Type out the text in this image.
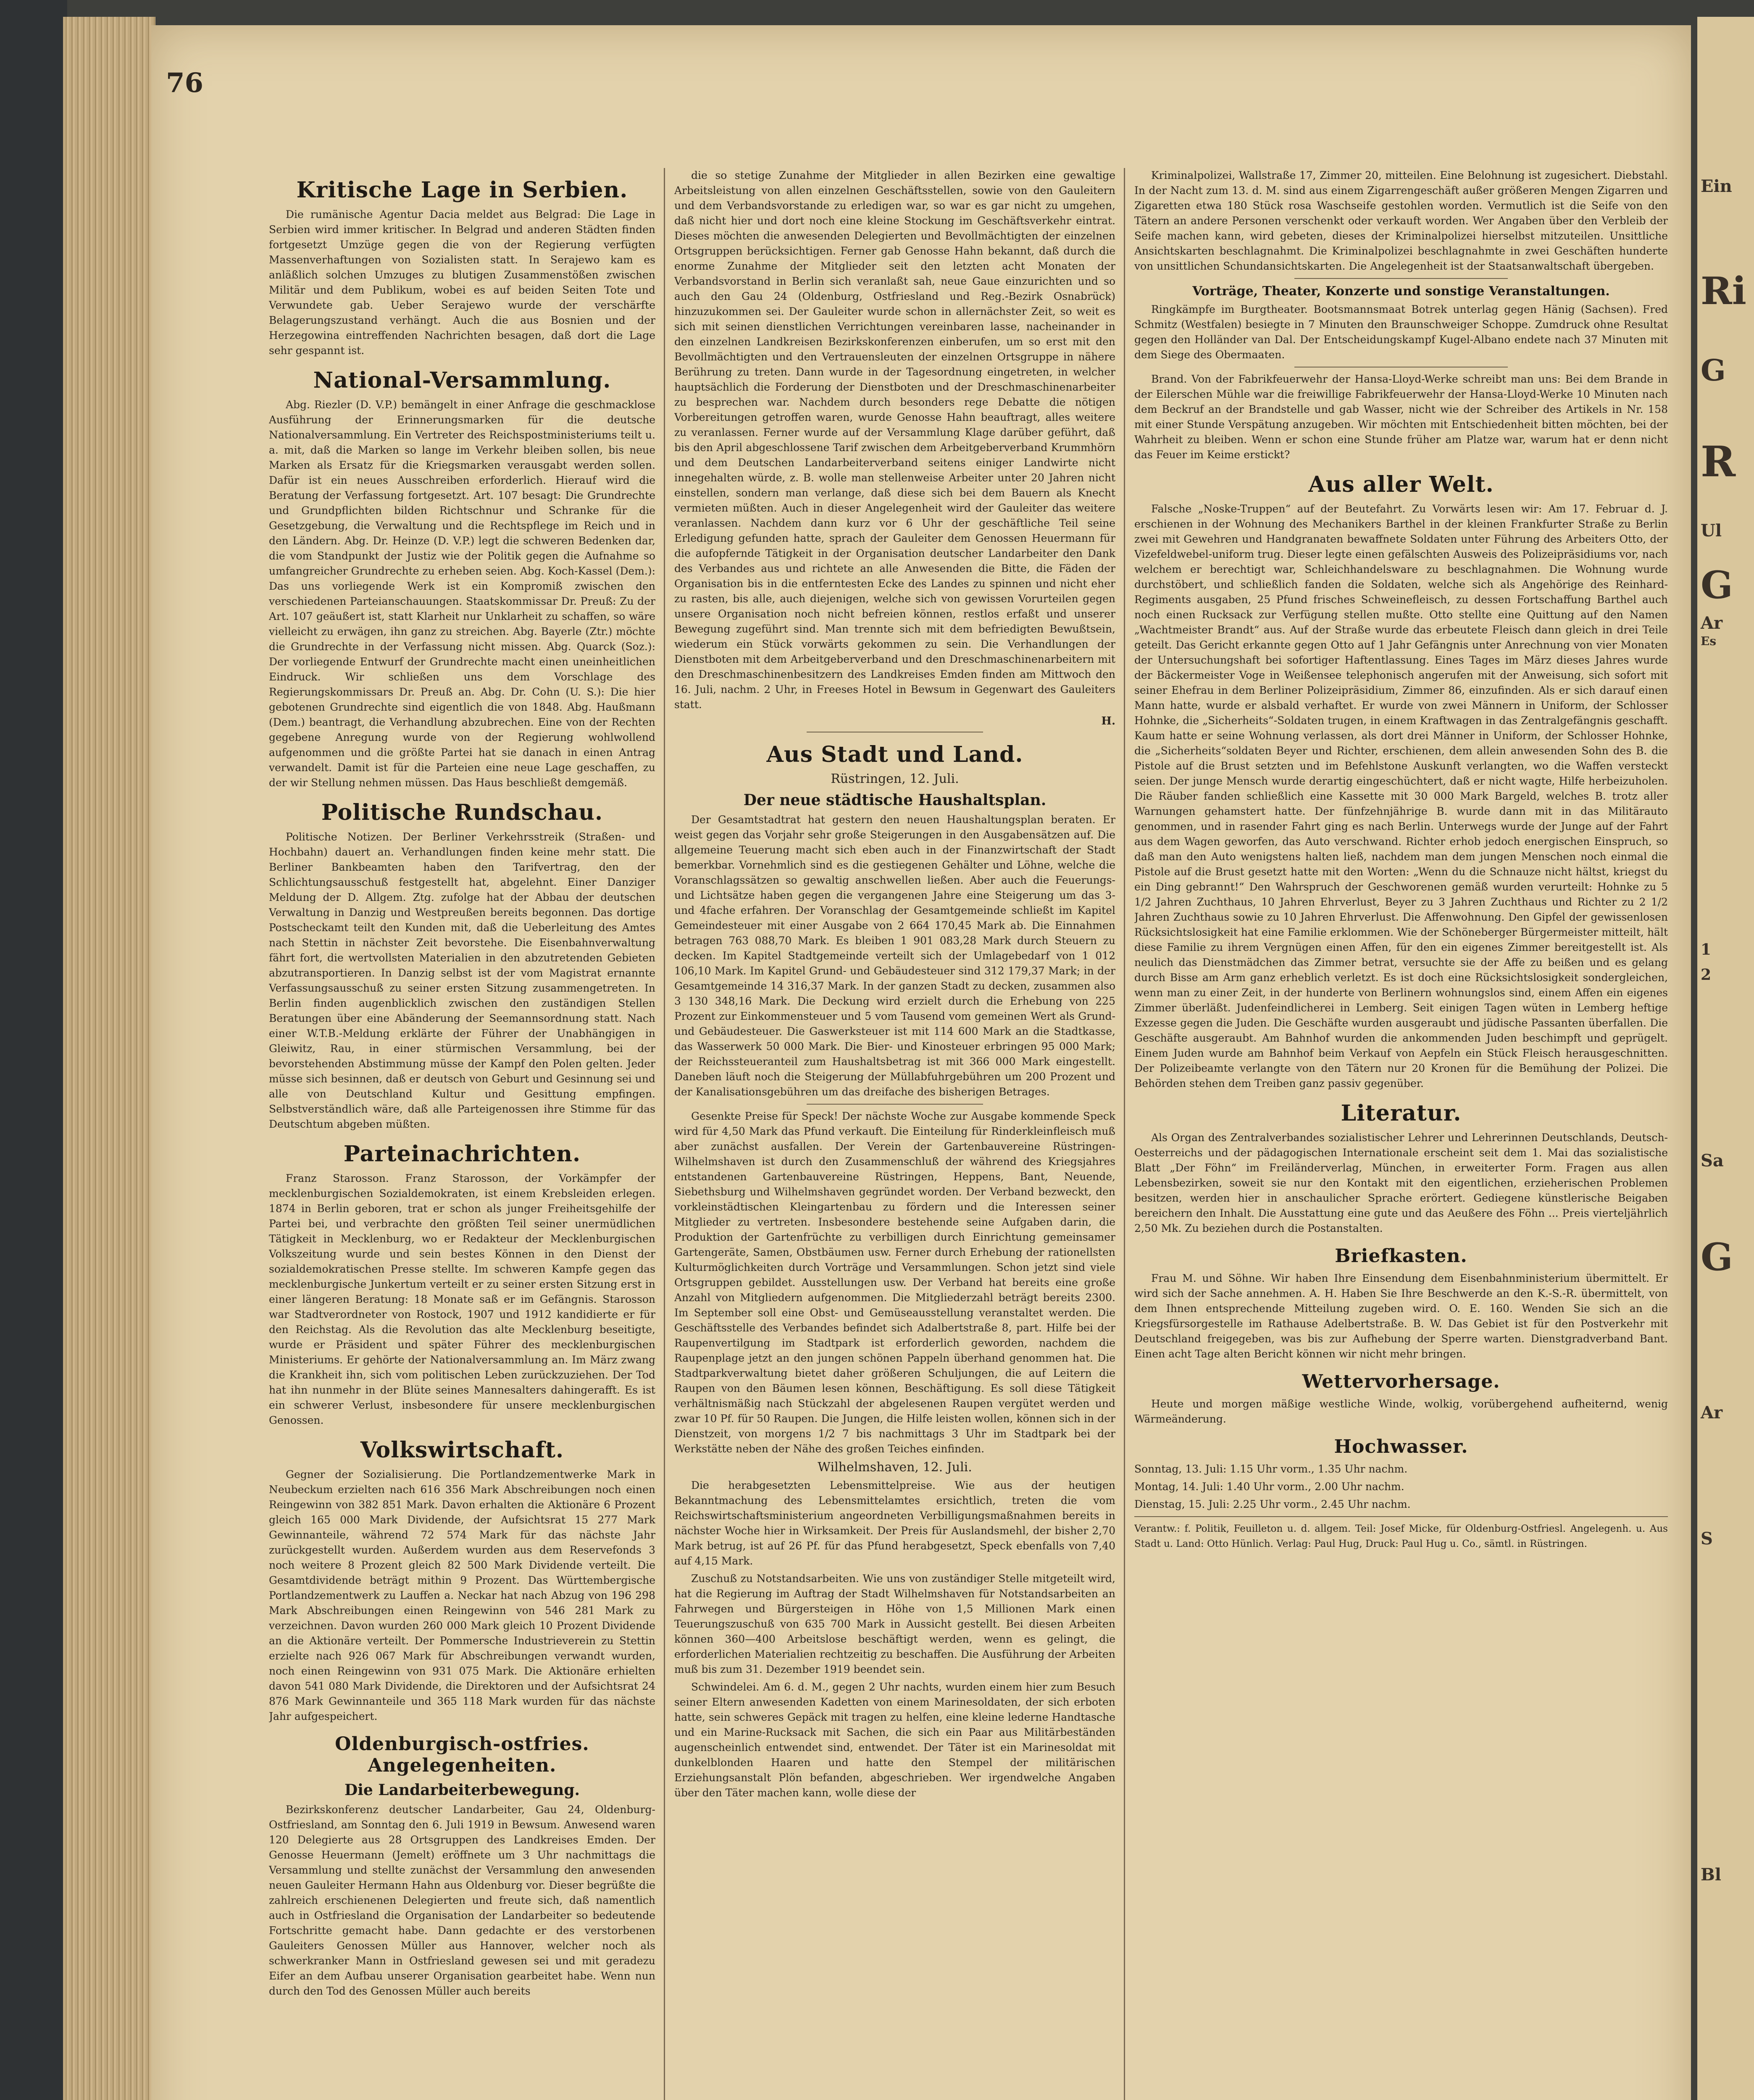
Ein
Ri
G
R
Ul
G
Ar
Es
1
2
Sa
G
Ar
S
Bl
76
Kritische Lage in Serbien.

Die rumänische Agentur Dacia meldet aus Belgrad: Die Lage in Serbien wird immer kritischer. In Belgrad und anderen Städten finden fortgesetzt Umzüge gegen die von der Regierung verfügten Massenverhaftungen von Sozialisten statt. In Serajewo kam es anläßlich solchen Umzuges zu blutigen Zusammenstößen zwischen Militär und dem Publikum, wobei es auf beiden Seiten Tote und Verwundete gab. Ueber Serajewo wurde der verschärfte Belagerungszustand verhängt. Auch die aus Bosnien und der Herzegowina eintreffenden Nachrichten besagen, daß dort die Lage sehr gespannt ist.

National-Versammlung.

Abg. Riezler (D. V.P.) bemängelt in einer Anfrage die geschmacklose Ausführung der Erinnerungsmarken für die deutsche Nationalversammlung. Ein Vertreter des Reichspostministeriums teilt u. a. mit, daß die Marken so lange im Verkehr bleiben sollen, bis neue Marken als Ersatz für die Kriegsmarken verausgabt werden sollen. Dafür ist ein neues Ausschreiben erforderlich. Hierauf wird die Beratung der Verfassung fortgesetzt. Art. 107 besagt: Die Grundrechte und Grundpflichten bilden Richtschnur und Schranke für die Gesetzgebung, die Verwaltung und die Rechtspflege im Reich und in den Ländern. Abg. Dr. Heinze (D. V.P.) legt die schweren Bedenken dar, die vom Standpunkt der Justiz wie der Politik gegen die Aufnahme so umfangreicher Grundrechte zu erheben seien. Abg. Koch-Kassel (Dem.): Das uns vorliegende Werk ist ein Kompromiß zwischen den verschiedenen Parteianschauungen. Staatskommissar Dr. Preuß: Zu der Art. 107 geäußert ist, statt Klarheit nur Unklarheit zu schaffen, so wäre vielleicht zu erwägen, ihn ganz zu streichen. Abg. Bayerle (Ztr.) möchte die Grundrechte in der Verfassung nicht missen. Abg. Quarck (Soz.): Der vorliegende Entwurf der Grundrechte macht einen uneinheitlichen Eindruck. Wir schließen uns dem Vorschlage des Regierungskommissars Dr. Preuß an. Abg. Dr. Cohn (U. S.): Die hier gebotenen Grundrechte sind eigentlich die von 1848. Abg. Haußmann (Dem.) beantragt, die Verhandlung abzubrechen. Eine von der Rechten gegebene Anregung wurde von der Regierung wohlwollend aufgenommen und die größte Partei hat sie danach in einen Antrag verwandelt. Damit ist für die Parteien eine neue Lage geschaffen, zu der wir Stellung nehmen müssen. Das Haus beschließt demgemäß.

Politische Rundschau.

Politische Notizen. Der Berliner Verkehrsstreik (Straßen- und Hochbahn) dauert an. Verhandlungen finden keine mehr statt. Die Berliner Bankbeamten haben den Tarifvertrag, den der Schlichtungsausschuß festgestellt hat, abgelehnt. Einer Danziger Meldung der D. Allgem. Ztg. zufolge hat der Abbau der deutschen Verwaltung in Danzig und Westpreußen bereits begonnen. Das dortige Postscheckamt teilt den Kunden mit, daß die Ueberleitung des Amtes nach Stettin in nächster Zeit bevorstehe. Die Eisenbahnverwaltung fährt fort, die wertvollsten Materialien in den abzutretenden Gebieten abzutransportieren. In Danzig selbst ist der vom Magistrat ernannte Verfassungsausschuß zu seiner ersten Sitzung zusammengetreten. In Berlin finden augenblicklich zwischen den zuständigen Stellen Beratungen über eine Abänderung der Seemannsordnung statt. Nach einer W.T.B.-Meldung erklärte der Führer der Unabhängigen in Gleiwitz, Rau, in einer stürmischen Versammlung, bei der bevorstehenden Abstimmung müsse der Kampf den Polen gelten. Jeder müsse sich besinnen, daß er deutsch von Geburt und Gesinnung sei und alle von Deutschland Kultur und Gesittung empfingen. Selbstverständlich wäre, daß alle Parteigenossen ihre Stimme für das Deutschtum abgeben müßten.

Parteinachrichten.

Franz Starosson. Franz Starosson, der Vorkämpfer der mecklenburgischen Sozialdemokraten, ist einem Krebsleiden erlegen. 1874 in Berlin geboren, trat er schon als junger Freiheitsgehilfe der Partei bei, und verbrachte den größten Teil seiner unermüdlichen Tätigkeit in Mecklenburg, wo er Redakteur der Mecklenburgischen Volkszeitung wurde und sein bestes Können in den Dienst der sozialdemokratischen Presse stellte. Im schweren Kampfe gegen das mecklenburgische Junkertum verteilt er zu seiner ersten Sitzung erst in einer längeren Beratung: 18 Monate saß er im Gefängnis. Starosson war Stadtverordneter von Rostock, 1907 und 1912 kandidierte er für den Reichstag. Als die Revolution das alte Mecklenburg beseitigte, wurde er Präsident und später Führer des mecklenburgischen Ministeriums. Er gehörte der Nationalversammlung an. Im März zwang die Krankheit ihn, sich vom politischen Leben zurückzuziehen. Der Tod hat ihn nunmehr in der Blüte seines Mannesalters dahingerafft. Es ist ein schwerer Verlust, insbesondere für unsere mecklenburgischen Genossen.

Volkswirtschaft.

Gegner der Sozialisierung. Die Portlandzementwerke Mark in Neubeckum erzielten nach 616 356 Mark Abschreibungen noch einen Reingewinn von 382 851 Mark. Davon erhalten die Aktionäre 6 Prozent gleich 165 000 Mark Dividende, der Aufsichtsrat 15 277 Mark Gewinnanteile, während 72 574 Mark für das nächste Jahr zurückgestellt wurden. Außerdem wurden aus dem Reservefonds 3 noch weitere 8 Prozent gleich 82 500 Mark Dividende verteilt. Die Gesamtdividende beträgt mithin 9 Prozent. Das Württembergische Portlandzementwerk zu Lauffen a. Neckar hat nach Abzug von 196 298 Mark Abschreibungen einen Reingewinn von 546 281 Mark zu verzeichnen. Davon wurden 260 000 Mark gleich 10 Prozent Dividende an die Aktionäre verteilt. Der Pommersche Industrieverein zu Stettin erzielte nach 926 067 Mark für Abschreibungen verwandt wurden, noch einen Reingewinn von 931 075 Mark. Die Aktionäre erhielten davon 541 080 Mark Dividende, die Direktoren und der Aufsichtsrat 24 876 Mark Gewinnanteile und 365 118 Mark wurden für das nächste Jahr aufgespeichert.

Oldenburgisch-ostfries. Angelegenheiten.
Die Landarbeiterbewegung.

Bezirkskonferenz deutscher Landarbeiter, Gau 24, Oldenburg-Ostfriesland, am Sonntag den 6. Juli 1919 in Bewsum. Anwesend waren 120 Delegierte aus 28 Ortsgruppen des Landkreises Emden. Der Genosse Heuermann (Jemelt) eröffnete um 3 Uhr nachmittags die Versammlung und stellte zunächst der Versammlung den anwesenden neuen Gauleiter Hermann Hahn aus Oldenburg vor. Dieser begrüßte die zahlreich erschienenen Delegierten und freute sich, daß namentlich auch in Ostfriesland die Organisation der Landarbeiter so bedeutende Fortschritte gemacht habe. Dann gedachte er des verstorbenen Gauleiters Genossen Müller aus Hannover, welcher noch als schwerkranker Mann in Ostfriesland gewesen sei und mit geradezu Eifer an dem Aufbau unserer Organisation gearbeitet habe. Wenn nun durch den Tod des Genossen Müller auch bereits

die so stetige Zunahme der Mitglieder in allen Bezirken eine gewaltige Arbeitsleistung von allen einzelnen Geschäftsstellen, sowie von den Gauleitern und dem Verbandsvorstande zu erledigen war, so war es gar nicht zu umgehen, daß nicht hier und dort noch eine kleine Stockung im Geschäftsverkehr eintrat. Dieses möchten die anwesenden Delegierten und Bevollmächtigten der einzelnen Ortsgruppen berücksichtigen. Ferner gab Genosse Hahn bekannt, daß durch die enorme Zunahme der Mitglieder seit den letzten acht Monaten der Verbandsvorstand in Berlin sich veranlaßt sah, neue Gaue einzurichten und so auch den Gau 24 (Oldenburg, Ostfriesland und Reg.-Bezirk Osnabrück) hinzuzukommen sei. Der Gauleiter wurde schon in allernächster Zeit, so weit es sich mit seinen dienstlichen Verrichtungen vereinbaren lasse, nacheinander in den einzelnen Landkreisen Bezirkskonferenzen einberufen, um so erst mit den Bevollmächtigten und den Vertrauensleuten der einzelnen Ortsgruppe in nähere Berührung zu treten. Dann wurde in der Tagesordnung eingetreten, in welcher hauptsächlich die Forderung der Dienstboten und der Dreschmaschinenarbeiter zu besprechen war. Nachdem durch besonders rege Debatte die nötigen Vorbereitungen getroffen waren, wurde Genosse Hahn beauftragt, alles weitere zu veranlassen. Ferner wurde auf der Versammlung Klage darüber geführt, daß bis den April abgeschlossene Tarif zwischen dem Arbeitgeberverband Krummhörn und dem Deutschen Landarbeiterverband seitens einiger Landwirte nicht innegehalten würde, z. B. wolle man stellenweise Arbeiter unter 20 Jahren nicht einstellen, sondern man verlange, daß diese sich bei dem Bauern als Knecht vermieten müßten. Auch in dieser Angelegenheit wird der Gauleiter das weitere veranlassen. Nachdem dann kurz vor 6 Uhr der geschäftliche Teil seine Erledigung gefunden hatte, sprach der Gauleiter dem Genossen Heuermann für die aufopfernde Tätigkeit in der Organisation deutscher Landarbeiter den Dank des Verbandes aus und richtete an alle Anwesenden die Bitte, die Fäden der Organisation bis in die entferntesten Ecke des Landes zu spinnen und nicht eher zu rasten, bis alle, auch diejenigen, welche sich von gewissen Vorurteilen gegen unsere Organisation noch nicht befreien können, restlos erfaßt und unserer Bewegung zugeführt sind. Man trennte sich mit dem befriedigten Bewußtsein, wiederum ein Stück vorwärts gekommen zu sein. Die Verhandlungen der Dienstboten mit dem Arbeitgeberverband und den Dreschmaschinenarbeitern mit den Dreschmaschinenbesitzern des Landkreises Emden finden am Mittwoch den 16. Juli, nachm. 2 Uhr, in Freeses Hotel in Bewsum in Gegenwart des Gauleiters statt.

H.
Aus Stadt und Land.
Rüstringen, 12. Juli.
Der neue städtische Haushaltsplan.

Der Gesamtstadtrat hat gestern den neuen Haushaltungsplan beraten. Er weist gegen das Vorjahr sehr große Steigerungen in den Ausgabensätzen auf. Die allgemeine Teuerung macht sich eben auch in der Finanzwirtschaft der Stadt bemerkbar. Vornehmlich sind es die gestiegenen Gehälter und Löhne, welche die Voranschlagssätzen so gewaltig anschwellen ließen. Aber auch die Feuerungs- und Lichtsätze haben gegen die vergangenen Jahre eine Steigerung um das 3- und 4fache erfahren. Der Voranschlag der Gesamtgemeinde schließt im Kapitel Gemeindesteuer mit einer Ausgabe von 2 664 170,45 Mark ab. Die Einnahmen betragen 763 088,70 Mark. Es bleiben 1 901 083,28 Mark durch Steuern zu decken. Im Kapitel Stadtgemeinde verteilt sich der Umlagebedarf von 1 012 106,10 Mark. Im Kapitel Grund- und Gebäudesteuer sind 312 179,37 Mark; in der Gesamtgemeinde 14 316,37 Mark. In der ganzen Stadt zu decken, zusammen also 3 130 348,16 Mark. Die Deckung wird erzielt durch die Erhebung von 225 Prozent zur Einkommensteuer und 5 vom Tausend vom gemeinen Wert als Grund- und Gebäudesteuer. Die Gaswerksteuer ist mit 114 600 Mark an die Stadtkasse, das Wasserwerk 50 000 Mark. Die Bier- und Kinosteuer erbringen 95 000 Mark; der Reichssteueranteil zum Haushaltsbetrag ist mit 366 000 Mark eingestellt. Daneben läuft noch die Steigerung der Müllabfuhrgebühren um 200 Prozent und der Kanalisationsgebühren um das dreifache des bisherigen Betrages.

Gesenkte Preise für Speck! Der nächste Woche zur Ausgabe kommende Speck wird für 4,50 Mark das Pfund verkauft. Die Einteilung für Rinderkleinfleisch muß aber zunächst ausfallen. Der Verein der Gartenbauvereine Rüstringen-Wilhelmshaven ist durch den Zusammenschluß der während des Kriegsjahres entstandenen Gartenbauvereine Rüstringen, Heppens, Bant, Neuende, Siebethsburg und Wilhelmshaven gegründet worden. Der Verband bezweckt, den vorkleinstädtischen Kleingartenbau zu fördern und die Interessen seiner Mitglieder zu vertreten. Insbesondere bestehende seine Aufgaben darin, die Produktion der Gartenfrüchte zu verbilligen durch Einrichtung gemeinsamer Gartengeräte, Samen, Obstbäumen usw. Ferner durch Erhebung der rationellsten Kulturmöglichkeiten durch Vorträge und Versammlungen. Schon jetzt sind viele Ortsgruppen gebildet. Ausstellungen usw. Der Verband hat bereits eine große Anzahl von Mitgliedern aufgenommen. Die Mitgliederzahl beträgt bereits 2300. Im September soll eine Obst- und Gemüseausstellung veranstaltet werden. Die Geschäftsstelle des Verbandes befindet sich Adalbertstraße 8, part. Hilfe bei der Raupenvertilgung im Stadtpark ist erforderlich geworden, nachdem die Raupenplage jetzt an den jungen schönen Pappeln überhand genommen hat. Die Stadtparkverwaltung bietet daher größeren Schuljungen, die auf Leitern die Raupen von den Bäumen lesen können, Beschäftigung. Es soll diese Tätigkeit verhältnismäßig nach Stückzahl der abgelesenen Raupen vergütet werden und zwar 10 Pf. für 50 Raupen. Die Jungen, die Hilfe leisten wollen, können sich in der Dienstzeit, von morgens 1/2 7 bis nachmittags 3 Uhr im Stadtpark bei der Werkstätte neben der Nähe des großen Teiches einfinden.

Wilhelmshaven, 12. Juli.

Die herabgesetzten Lebensmittelpreise. Wie aus der heutigen Bekanntmachung des Lebensmittelamtes ersichtlich, treten die vom Reichswirtschaftsministerium angeordneten Verbilligungsmaßnahmen bereits in nächster Woche hier in Wirksamkeit. Der Preis für Auslandsmehl, der bisher 2,70 Mark betrug, ist auf 26 Pf. für das Pfund herabgesetzt, Speck ebenfalls von 7,40 auf 4,15 Mark.

Zuschuß zu Notstandsarbeiten. Wie uns von zuständiger Stelle mitgeteilt wird, hat die Regierung im Auftrag der Stadt Wilhelmshaven für Notstandsarbeiten an Fahrwegen und Bürgersteigen in Höhe von 1,5 Millionen Mark einen Teuerungszuschuß von 635 700 Mark in Aussicht gestellt. Bei diesen Arbeiten können 360—400 Arbeitslose beschäftigt werden, wenn es gelingt, die erforderlichen Materialien rechtzeitig zu beschaffen. Die Ausführung der Arbeiten muß bis zum 31. Dezember 1919 beendet sein.

Schwindelei. Am 6. d. M., gegen 2 Uhr nachts, wurden einem hier zum Besuch seiner Eltern anwesenden Kadetten von einem Marinesoldaten, der sich erboten hatte, sein schweres Gepäck mit tragen zu helfen, eine kleine lederne Handtasche und ein Marine-Rucksack mit Sachen, die sich ein Paar aus Militärbeständen augenscheinlich entwendet sind, entwendet. Der Täter ist ein Marinesoldat mit dunkelblonden Haaren und hatte den Stempel der militärischen Erziehungsanstalt Plön befanden, abgeschrieben. Wer irgendwelche Angaben über den Täter machen kann, wolle diese der

Kriminalpolizei, Wallstraße 17, Zimmer 20, mitteilen. Eine Belohnung ist zugesichert. Diebstahl. In der Nacht zum 13. d. M. sind aus einem Zigarrengeschäft außer größeren Mengen Zigarren und Zigaretten etwa 180 Stück rosa Waschseife gestohlen worden. Vermutlich ist die Seife von den Tätern an andere Personen verschenkt oder verkauft worden. Wer Angaben über den Verbleib der Seife machen kann, wird gebeten, dieses der Kriminalpolizei hierselbst mitzuteilen. Unsittliche Ansichtskarten beschlagnahmt. Die Kriminalpolizei beschlagnahmte in zwei Geschäften hunderte von unsittlichen Schundansichtskarten. Die Angelegenheit ist der Staatsanwaltschaft übergeben.

Vorträge, Theater, Konzerte und sonstige Veranstaltungen.

Ringkämpfe im Burgtheater. Bootsmannsmaat Botrek unterlag gegen Hänig (Sachsen). Fred Schmitz (Westfalen) besiegte in 7 Minuten den Braunschweiger Schoppe. Zumdruck ohne Resultat gegen den Holländer van Dal. Der Entscheidungskampf Kugel-Albano endete nach 37 Minuten mit dem Siege des Obermaaten.

Brand. Von der Fabrikfeuerwehr der Hansa-Lloyd-Werke schreibt man uns: Bei dem Brande in der Eilerschen Mühle war die freiwillige Fabrikfeuerwehr der Hansa-Lloyd-Werke 10 Minuten nach dem Beckruf an der Brandstelle und gab Wasser, nicht wie der Schreiber des Artikels in Nr. 158 mit einer Stunde Verspätung anzugeben. Wir möchten mit Entschiedenheit bitten möchten, bei der Wahrheit zu bleiben. Wenn er schon eine Stunde früher am Platze war, warum hat er denn nicht das Feuer im Keime erstickt?

Aus aller Welt.

Falsche „Noske-Truppen“ auf der Beutefahrt. Zu Vorwärts lesen wir: Am 17. Februar d. J. erschienen in der Wohnung des Mechanikers Barthel in der kleinen Frankfurter Straße zu Berlin zwei mit Gewehren und Handgranaten bewaffnete Soldaten unter Führung des Arbeiters Otto, der Vizefeldwebel-uniform trug. Dieser legte einen gefälschten Ausweis des Polizeipräsidiums vor, nach welchem er berechtigt war, Schleichhandelsware zu beschlagnahmen. Die Wohnung wurde durchstöbert, und schließlich fanden die Soldaten, welche sich als Angehörige des Reinhard-Regiments ausgaben, 25 Pfund frisches Schweinefleisch, zu dessen Fortschaffung Barthel auch noch einen Rucksack zur Verfügung stellen mußte. Otto stellte eine Quittung auf den Namen „Wachtmeister Brandt“ aus. Auf der Straße wurde das erbeutete Fleisch dann gleich in drei Teile geteilt. Das Gericht erkannte gegen Otto auf 1 Jahr Gefängnis unter Anrechnung von vier Monaten der Untersuchungshaft bei sofortiger Haftentlassung. Eines Tages im März dieses Jahres wurde der Bäckermeister Voge in Weißensee telephonisch angerufen mit der Anweisung, sich sofort mit seiner Ehefrau in dem Berliner Polizeipräsidium, Zimmer 86, einzufinden. Als er sich darauf einen Mann hatte, wurde er alsbald verhaftet. Er wurde von zwei Männern in Uniform, der Schlosser Hohnke, die „Sicherheits“-Soldaten trugen, in einem Kraftwagen in das Zentralgefängnis geschafft. Kaum hatte er seine Wohnung verlassen, als dort drei Männer in Uniform, der Schlosser Hohnke, die „Sicherheits“soldaten Beyer und Richter, erschienen, dem allein anwesenden Sohn des B. die Pistole auf die Brust setzten und im Befehlstone Auskunft verlangten, wo die Waffen versteckt seien. Der junge Mensch wurde derartig eingeschüchtert, daß er nicht wagte, Hilfe herbeizuholen. Die Räuber fanden schließlich eine Kassette mit 30 000 Mark Bargeld, welches B. trotz aller Warnungen gehamstert hatte. Der fünfzehnjährige B. wurde dann mit in das Militärauto genommen, und in rasender Fahrt ging es nach Berlin. Unterwegs wurde der Junge auf der Fahrt aus dem Wagen geworfen, das Auto verschwand. Richter erhob jedoch energischen Einspruch, so daß man den Auto wenigstens halten ließ, nachdem man dem jungen Menschen noch einmal die Pistole auf die Brust gesetzt hatte mit den Worten: „Wenn du die Schnauze nicht hältst, kriegst du ein Ding gebrannt!“ Den Wahrspruch der Geschworenen gemäß wurden verurteilt: Hohnke zu 5 1/2 Jahren Zuchthaus, 10 Jahren Ehrverlust, Beyer zu 3 Jahren Zuchthaus und Richter zu 2 1/2 Jahren Zuchthaus sowie zu 10 Jahren Ehrverlust. Die Affenwohnung. Den Gipfel der gewissenlosen Rücksichtslosigkeit hat eine Familie erklommen. Wie der Schöneberger Bürgermeister mitteilt, hält diese Familie zu ihrem Vergnügen einen Affen, für den ein eigenes Zimmer bereitgestellt ist. Als neulich das Dienstmädchen das Zimmer betrat, versuchte sie der Affe zu beißen und es gelang durch Bisse am Arm ganz erheblich verletzt. Es ist doch eine Rücksichtslosigkeit sondergleichen, wenn man zu einer Zeit, in der hunderte von Berlinern wohnungslos sind, einem Affen ein eigenes Zimmer überläßt. Judenfeindlicherei in Lemberg. Seit einigen Tagen wüten in Lemberg heftige Exzesse gegen die Juden. Die Geschäfte wurden ausgeraubt und jüdische Passanten überfallen. Die Geschäfte ausgeraubt. Am Bahnhof wurden die ankommenden Juden beschimpft und geprügelt. Einem Juden wurde am Bahnhof beim Verkauf von Aepfeln ein Stück Fleisch herausgeschnitten. Der Polizeibeamte verlangte von den Tätern nur 20 Kronen für die Bemühung der Polizei. Die Behörden stehen dem Treiben ganz passiv gegenüber.

Literatur.

Als Organ des Zentralverbandes sozialistischer Lehrer und Lehrerinnen Deutschlands, Deutsch-Oesterreichs und der pädagogischen Internationale erscheint seit dem 1. Mai das sozialistische Blatt „Der Föhn“ im Freiländerverlag, München, in erweiterter Form. Fragen aus allen Lebensbezirken, soweit sie nur den Kontakt mit den eigentlichen, erzieherischen Problemen besitzen, werden hier in anschaulicher Sprache erörtert. Gediegene künstlerische Beigaben bereichern den Inhalt. Die Ausstattung eine gute und das Aeußere des Föhn ... Preis vierteljährlich 2,50 Mk. Zu beziehen durch die Postanstalten.

Briefkasten.

Frau M. und Söhne. Wir haben Ihre Einsendung dem Eisenbahnministerium übermittelt. Er wird sich der Sache annehmen. A. H. Haben Sie Ihre Beschwerde an den K.-S.-R. übermittelt, von dem Ihnen entsprechende Mitteilung zugeben wird. O. E. 160. Wenden Sie sich an die Kriegsfürsorgestelle im Rathause Adelbertstraße. B. W. Das Gebiet ist für den Postverkehr mit Deutschland freigegeben, was bis zur Aufhebung der Sperre warten. Dienstgradverband Bant. Einen acht Tage alten Bericht können wir nicht mehr bringen.

Wettervorhersage.

Heute und morgen mäßige westliche Winde, wolkig, vorübergehend aufheiternd, wenig Wärmeänderung.

Hochwasser.

Sonntag, 13. Juli: 1.15 Uhr vorm., 1.35 Uhr nachm.

Montag, 14. Juli: 1.40 Uhr vorm., 2.00 Uhr nachm.

Dienstag, 15. Juli: 2.25 Uhr vorm., 2.45 Uhr nachm.

Verantw.: f. Politik, Feuilleton u. d. allgem. Teil: Josef Micke, für Oldenburg-Ostfriesl. Angelegenh. u. Aus Stadt u. Land: Otto Hünlich. Verlag: Paul Hug, Druck: Paul Hug u. Co., sämtl. in Rüstringen.
